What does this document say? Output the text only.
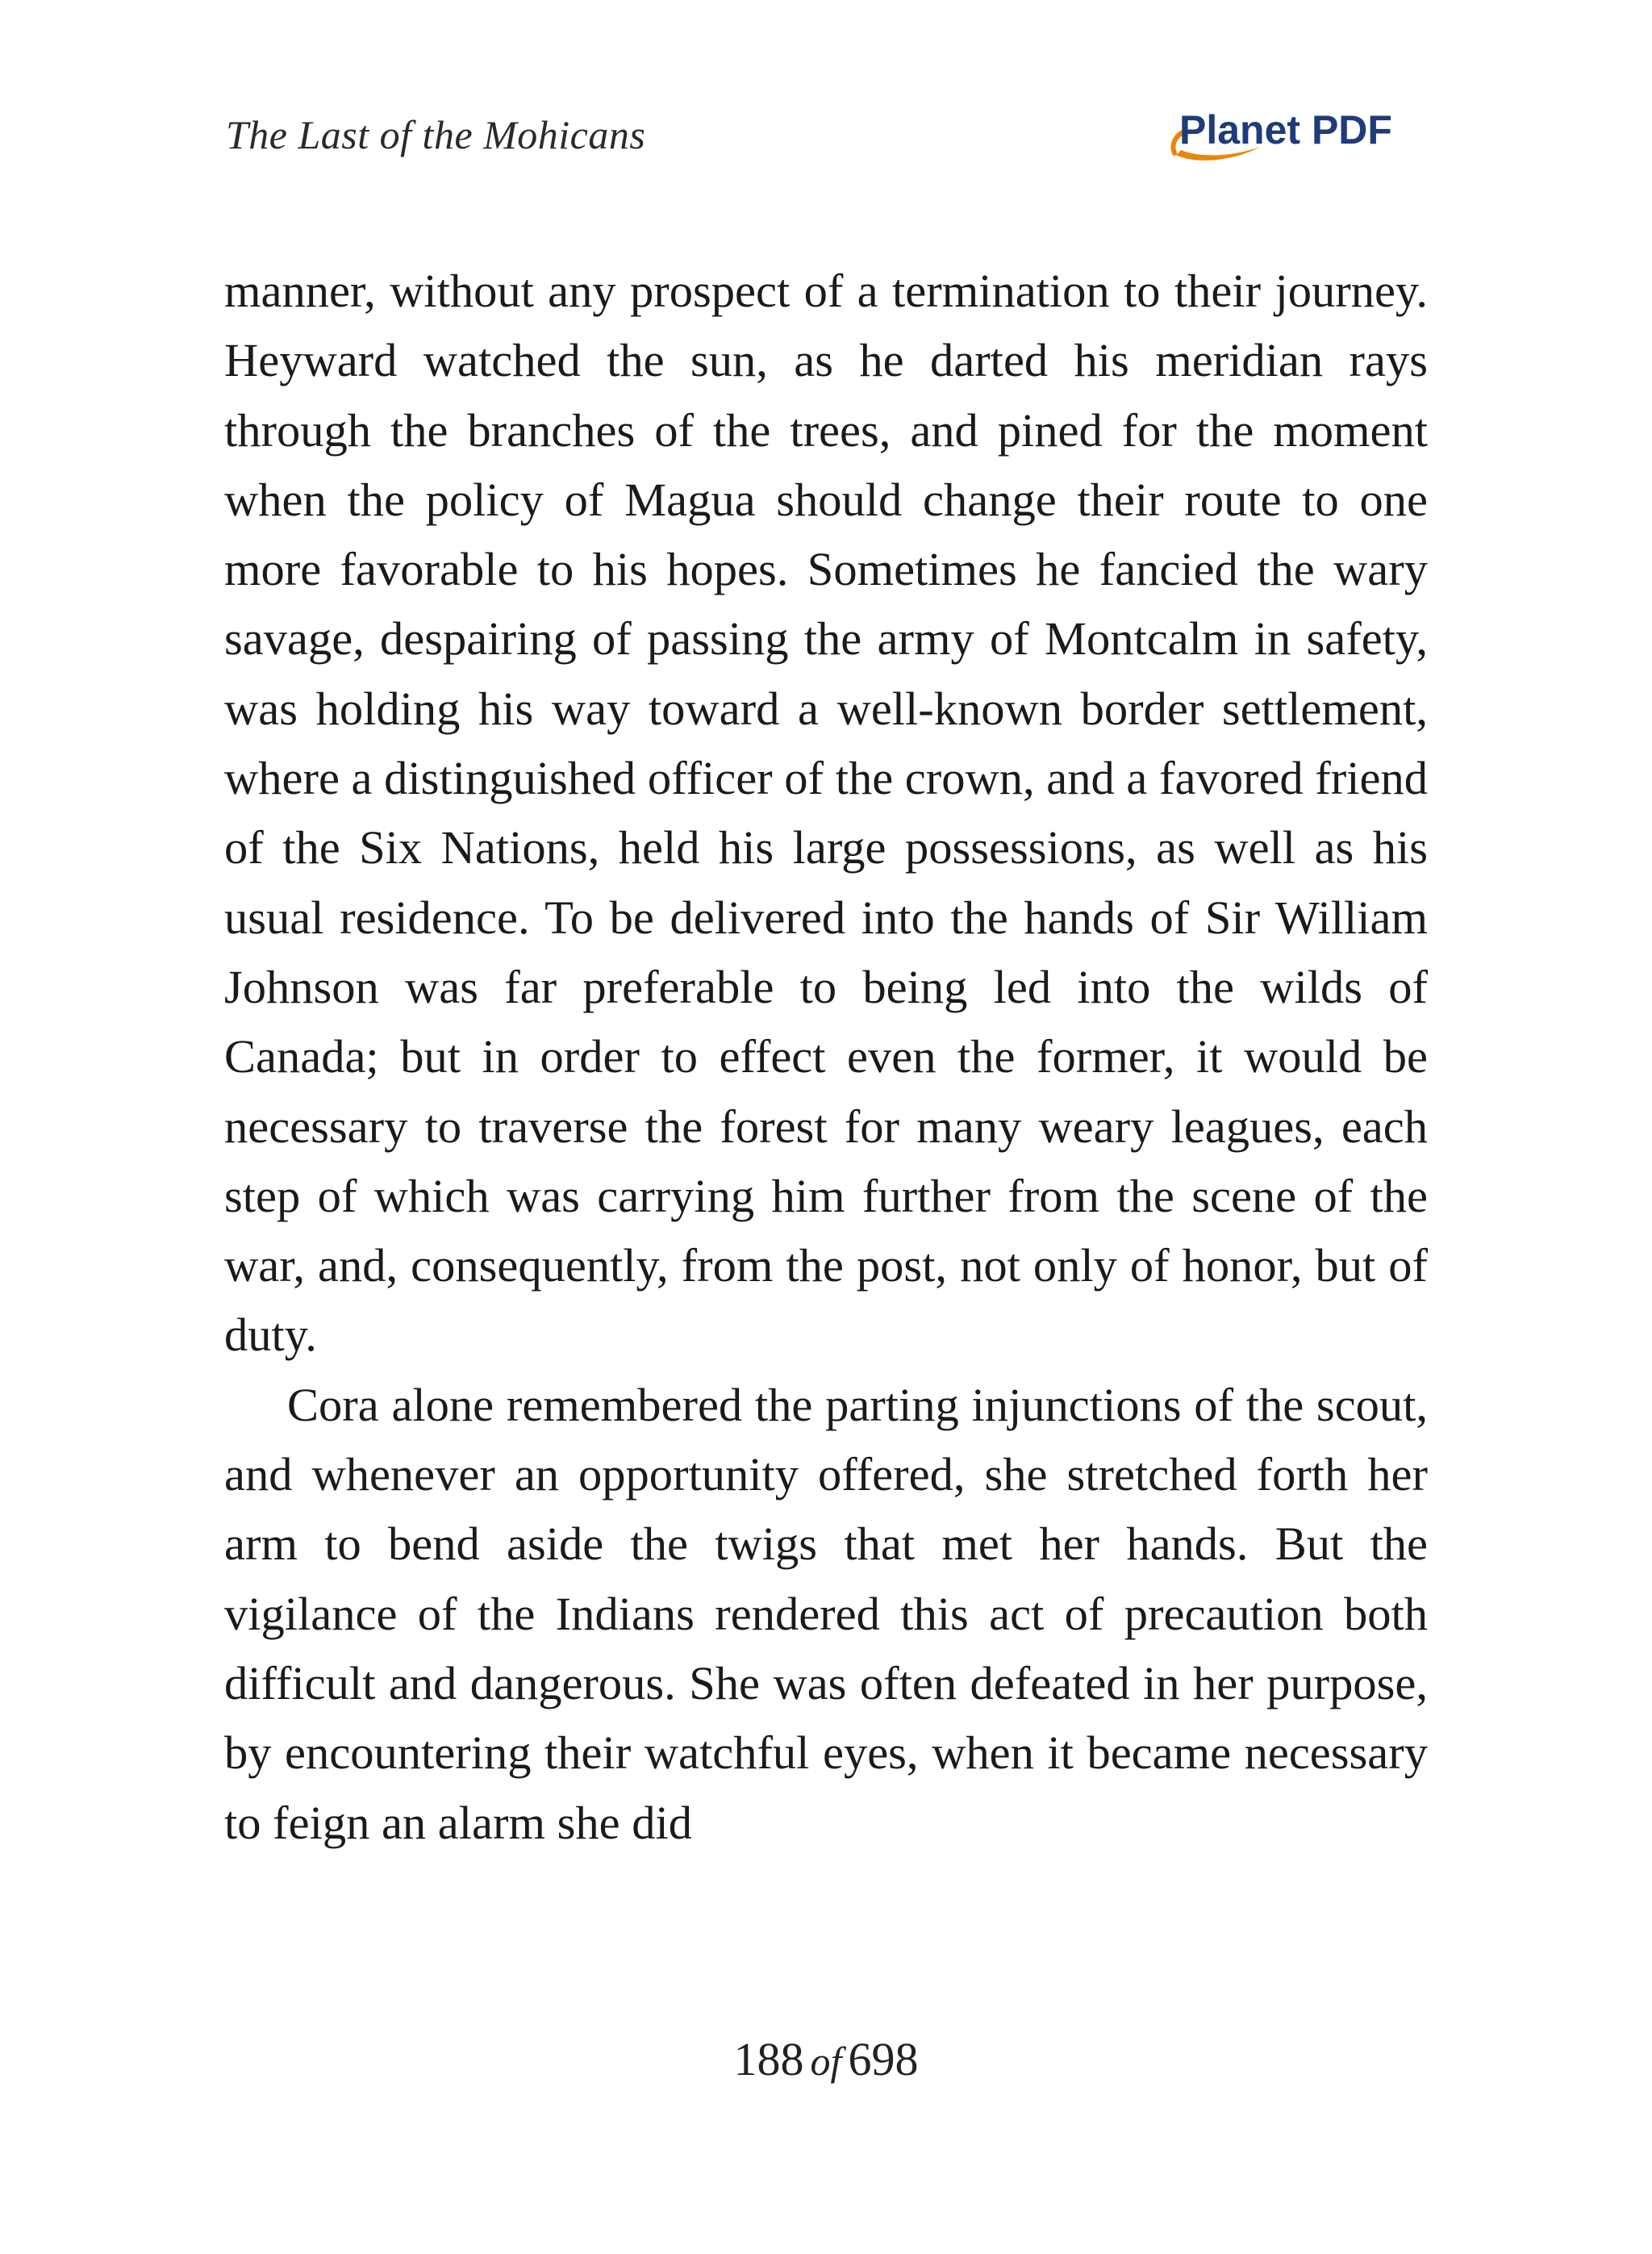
The Last of the Mohicans	Planet PDF

manner, without any prospect of a termination to their journey. Heyward watched the sun, as he darted his meridian rays through the branches of the trees, and pined for the moment when the policy of Magua should change their route to one more favorable to his hopes. Sometimes he fancied the wary savage, despairing of passing the army of Montcalm in safety, was holding his way toward a well-known border settlement, where a distinguished officer of the crown, and a favored friend of the Six Nations, held his large possessions, as well as his usual residence. To be delivered into the hands of Sir William Johnson was far preferable to being led into the wilds of Canada; but in order to effect even the former, it would be necessary to traverse the forest for many weary leagues, each step of which was carrying him further from the scene of the war, and, consequently, from the post, not only of honor, but of duty.

Cora alone remembered the parting injunctions of the scout, and whenever an opportunity offered, she stretched forth her arm to bend aside the twigs that met her hands. But the vigilance of the Indians rendered this act of precaution both difficult and dangerous. She was often defeated in her purpose, by encountering their watchful eyes, when it became necessary to feign an alarm she did

188 of 698
